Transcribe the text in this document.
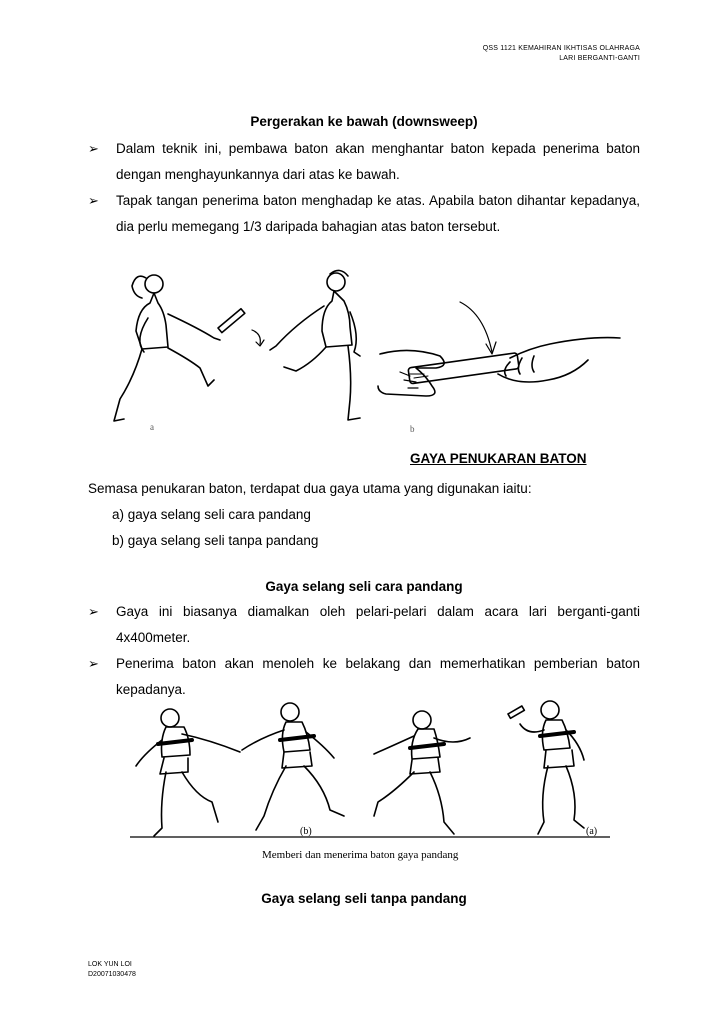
QSS 1121 KEMAHIRAN IKHTISAS OLAHRAGA
LARI BERGANTI-GANTI
Pergerakan ke bawah (downsweep)
➢ Dalam teknik ini, pembawa baton akan menghantar baton kepada penerima baton dengan menghayunkannya dari atas ke bawah.
➢ Tapak tangan penerima baton menghadap ke atas. Apabila baton dihantar kepadanya, dia perlu memegang 1/3 daripada bahagian atas baton tersebut.
a	b
GAYA PENUKARAN BATON
Semasa penukaran baton, terdapat dua gaya utama yang digunakan iaitu:
a) gaya selang seli cara pandang
b) gaya selang seli tanpa pandang
Gaya selang seli cara pandang
➢ Gaya ini biasanya diamalkan oleh pelari-pelari dalam acara lari berganti-ganti 4x400meter.
➢ Penerima baton akan menoleh ke belakang dan memerhatikan pemberian baton kepadanya.
(b)	(a)
Memberi dan menerima baton gaya pandang
Gaya selang seli tanpa pandang
LOK YUN LOI
D20071030478
